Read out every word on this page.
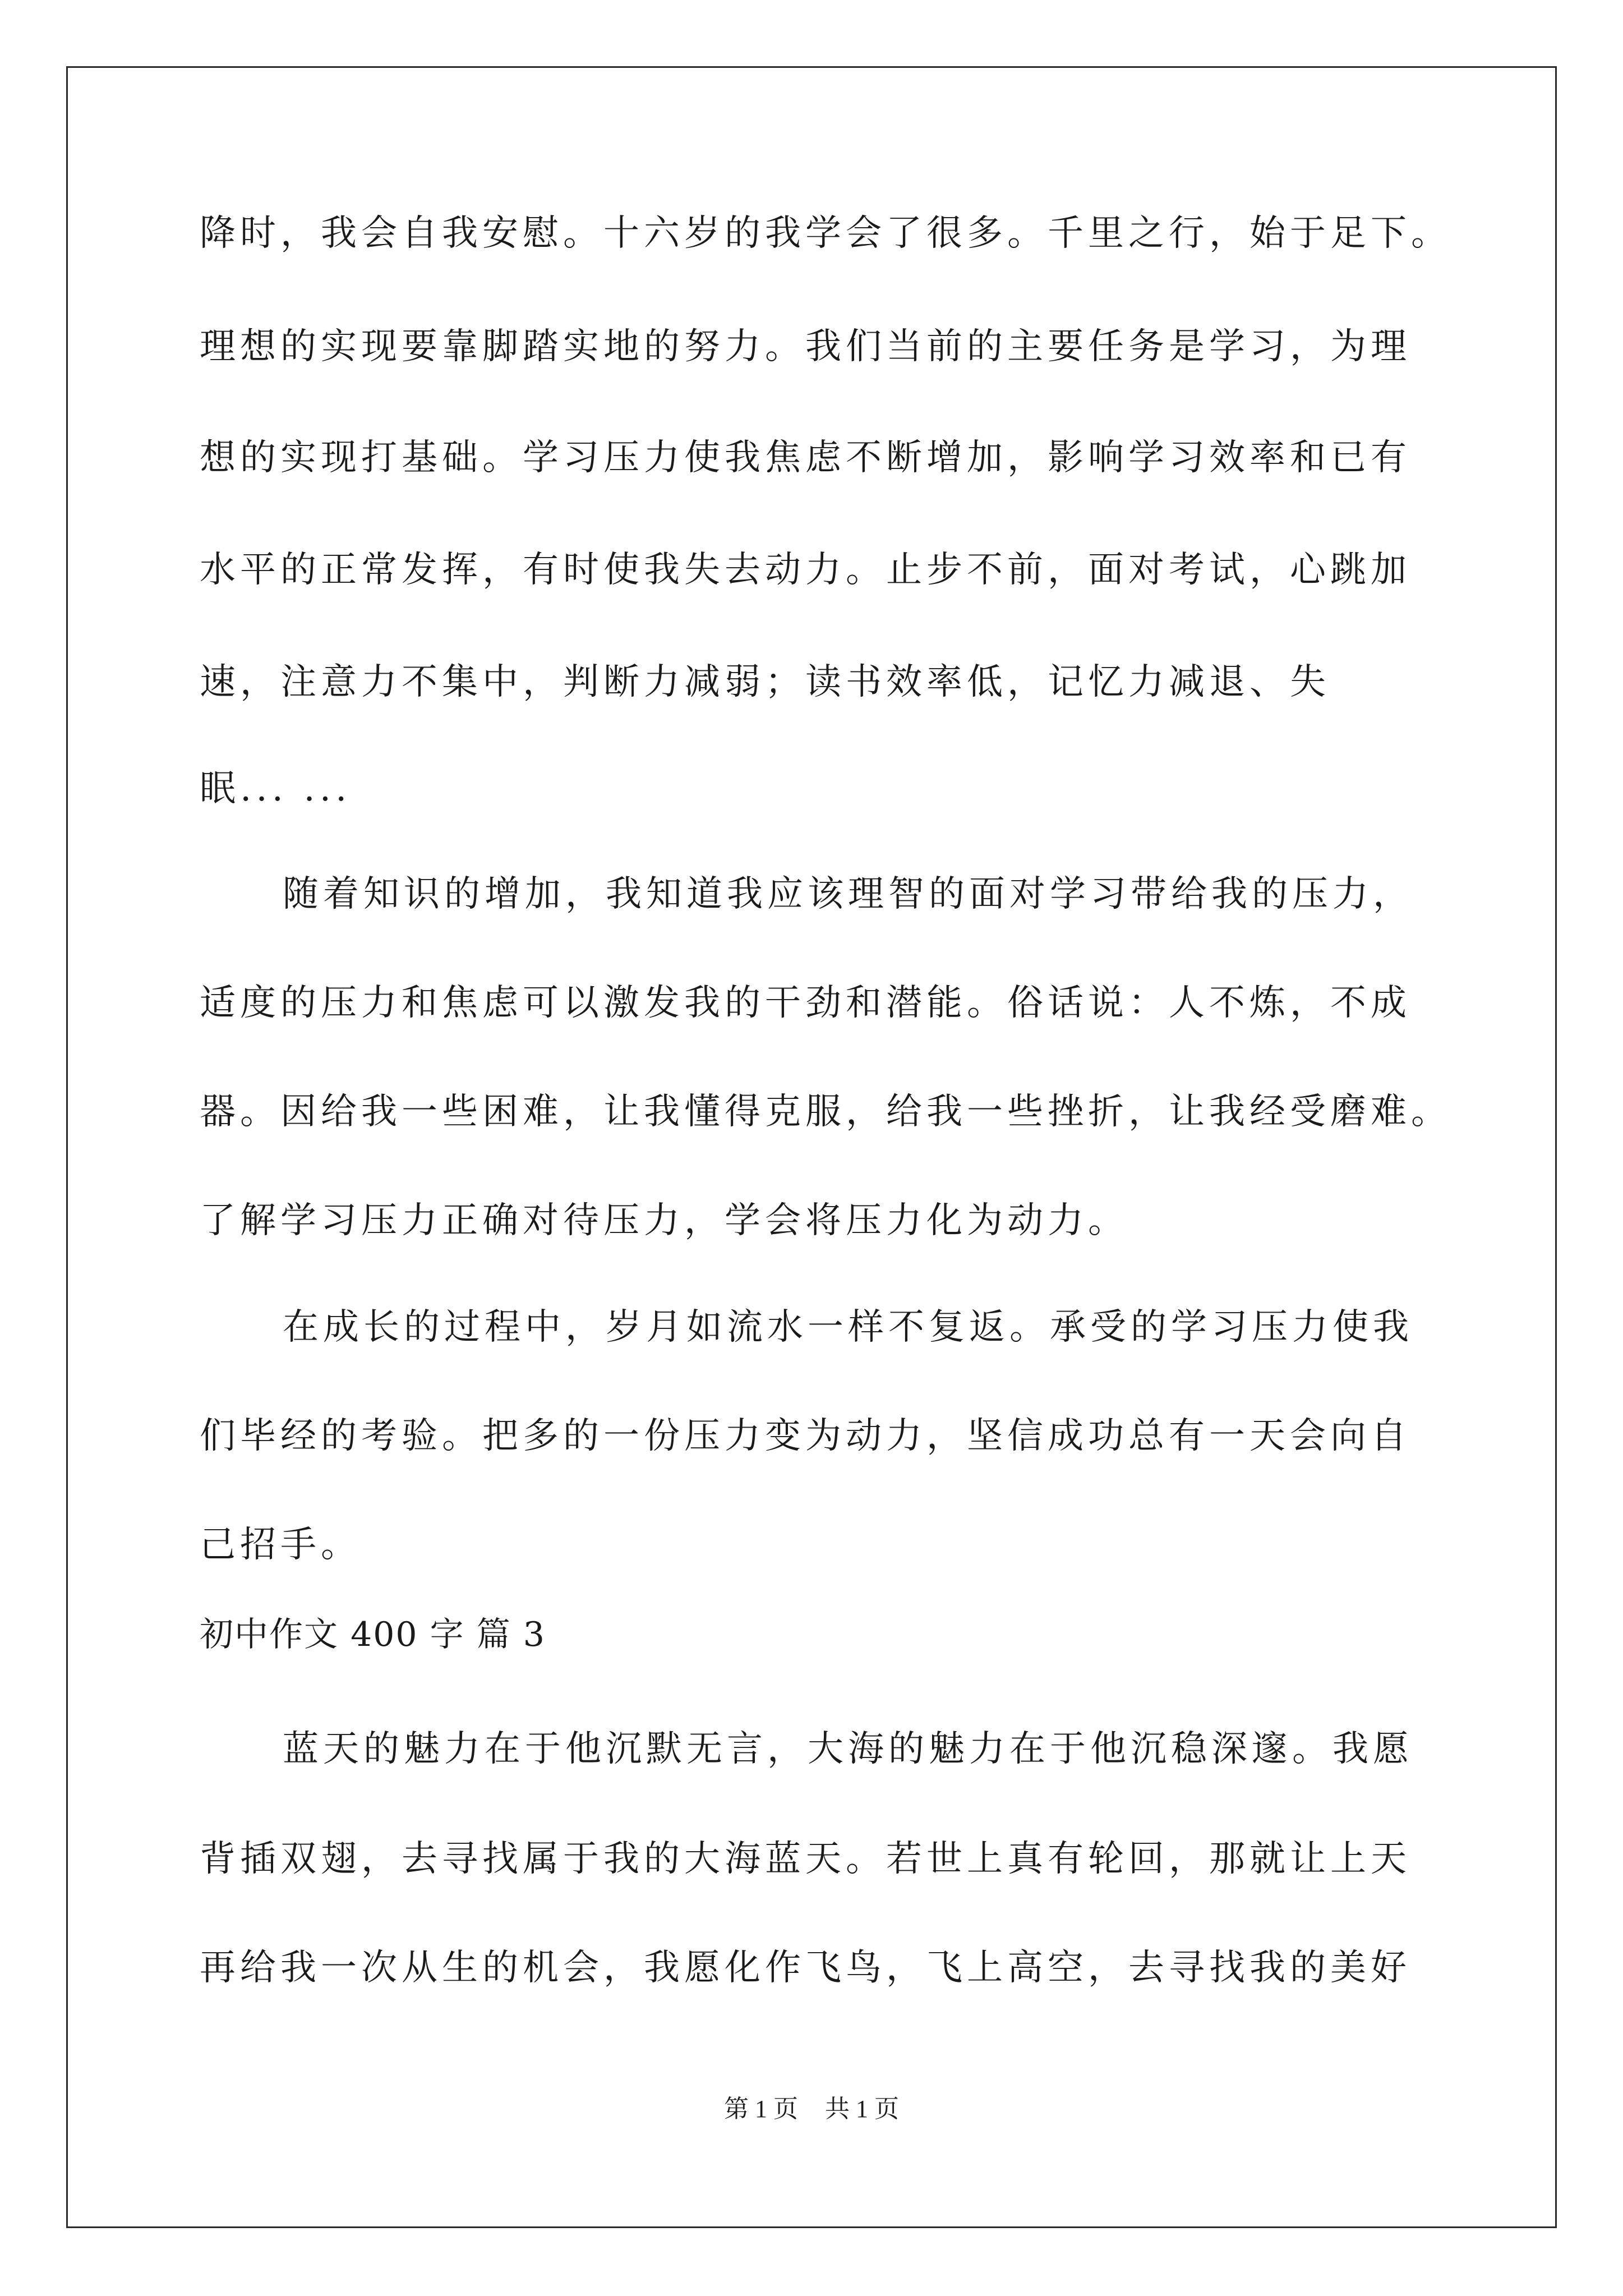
降时，我会自我安慰。十六岁的我学会了很多。千里之行，始于足下。
理想的实现要靠脚踏实地的努力。我们当前的主要任务是学习，为理
想的实现打基础。学习压力使我焦虑不断增加，影响学习效率和已有
水平的正常发挥，有时使我失去动力。止步不前，面对考试，心跳加
速，注意力不集中，判断力减弱；读书效率低，记忆力减退、失
眠... ...
随着知识的增加，我知道我应该理智的面对学习带给我的压力，
适度的压力和焦虑可以激发我的干劲和潜能。俗话说：人不炼，不成
器。因给我一些困难，让我懂得克服，给我一些挫折，让我经受磨难。
了解学习压力正确对待压力，学会将压力化为动力。
在成长的过程中，岁月如流水一样不复返。承受的学习压力使我
们毕经的考验。把多的一份压力变为动力，坚信成功总有一天会向自
己招手。
初中作文 400 字 篇 3
蓝天的魅力在于他沉默无言，大海的魅力在于他沉稳深邃。我愿
背插双翅，去寻找属于我的大海蓝天。若世上真有轮回，那就让上天
再给我一次从生的机会，我愿化作飞鸟，飞上高空，去寻找我的美好
第 1 页 共 1 页
